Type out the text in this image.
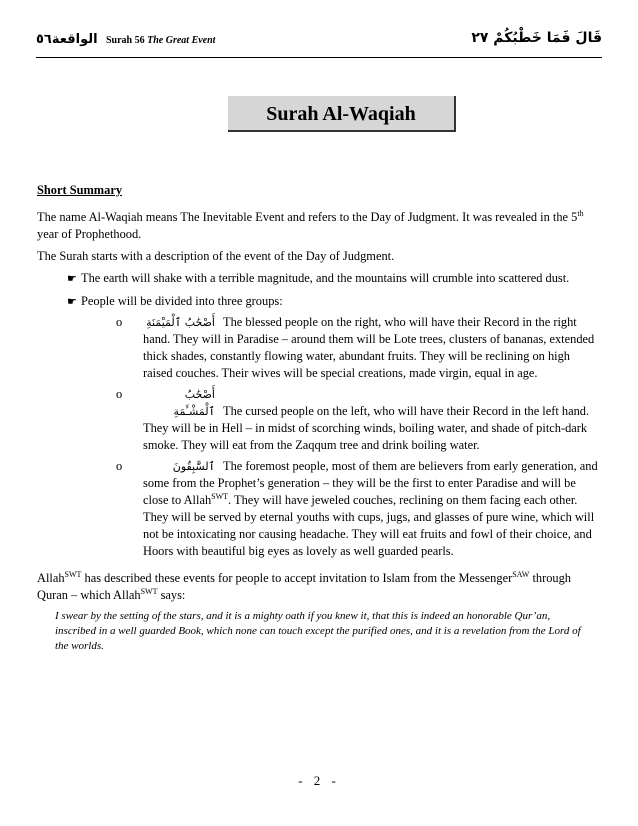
الواقعة٥٦ Surah 56 The Great Event	قَالَ فَمَا خَطْبُكُمْ ٢٧
Surah Al-Waqiah
Short Summary

The name Al-Waqiah means The Inevitable Event and refers to the Day of Judgment. It was revealed in the 5th year of Prophethood.

The Surah starts with a description of the event of the Day of Judgment.

☛ The earth will shake with a terrible magnitude, and the mountains will crumble into scattered dust.
☛ People will be divided into three groups:
o أَصْحَٰبُ ٱلْمَيْمَنَةِ The blessed people on the right, who will have their Record in the right hand. They will in Paradise – around them will be Lote trees, clusters of bananas, extended thick shades, constantly flowing water, abundant fruits. They will be reclining on high raised couches. Their wives will be special creations, made virgin, equal in age.
o	أَصْحَٰبُ ٱلْمَشْـَٔمَةِ The cursed people on the left, who will have their Record in the left hand. They will be in Hell – in midst of scorching winds, boiling water, and shade of pitch-dark smoke. They will eat from the Zaqqum tree and drink boiling water.
o	ٱلسَّٰبِقُونَ The foremost people, most of them are believers from early generation, and some from the Prophet’s generation – they will be the first to enter Paradise and will be close to Allah$^{SWT}$. They will have jeweled couches, reclining on them facing each other. They will be served by eternal youths with cups, jugs, and glasses of pure wine, which will not be intoxicating nor causing headache. They will eat fruits and fowl of their choice, and Hoors with beautiful big eyes as lovely as well guarded pearls.

Allah$^{SWT}$ has described these events for people to accept invitation to Islam from the Messenger$^{SAW}$ through Quran – which Allah$^{SWT}$ says:

I swear by the setting of the stars, and it is a mighty oath if you knew it, that this is indeed an honorable Qur’an, inscribed in a well guarded Book, which none can touch except the purified ones, and it is a revelation from the Lord of the worlds.
- 2 -
